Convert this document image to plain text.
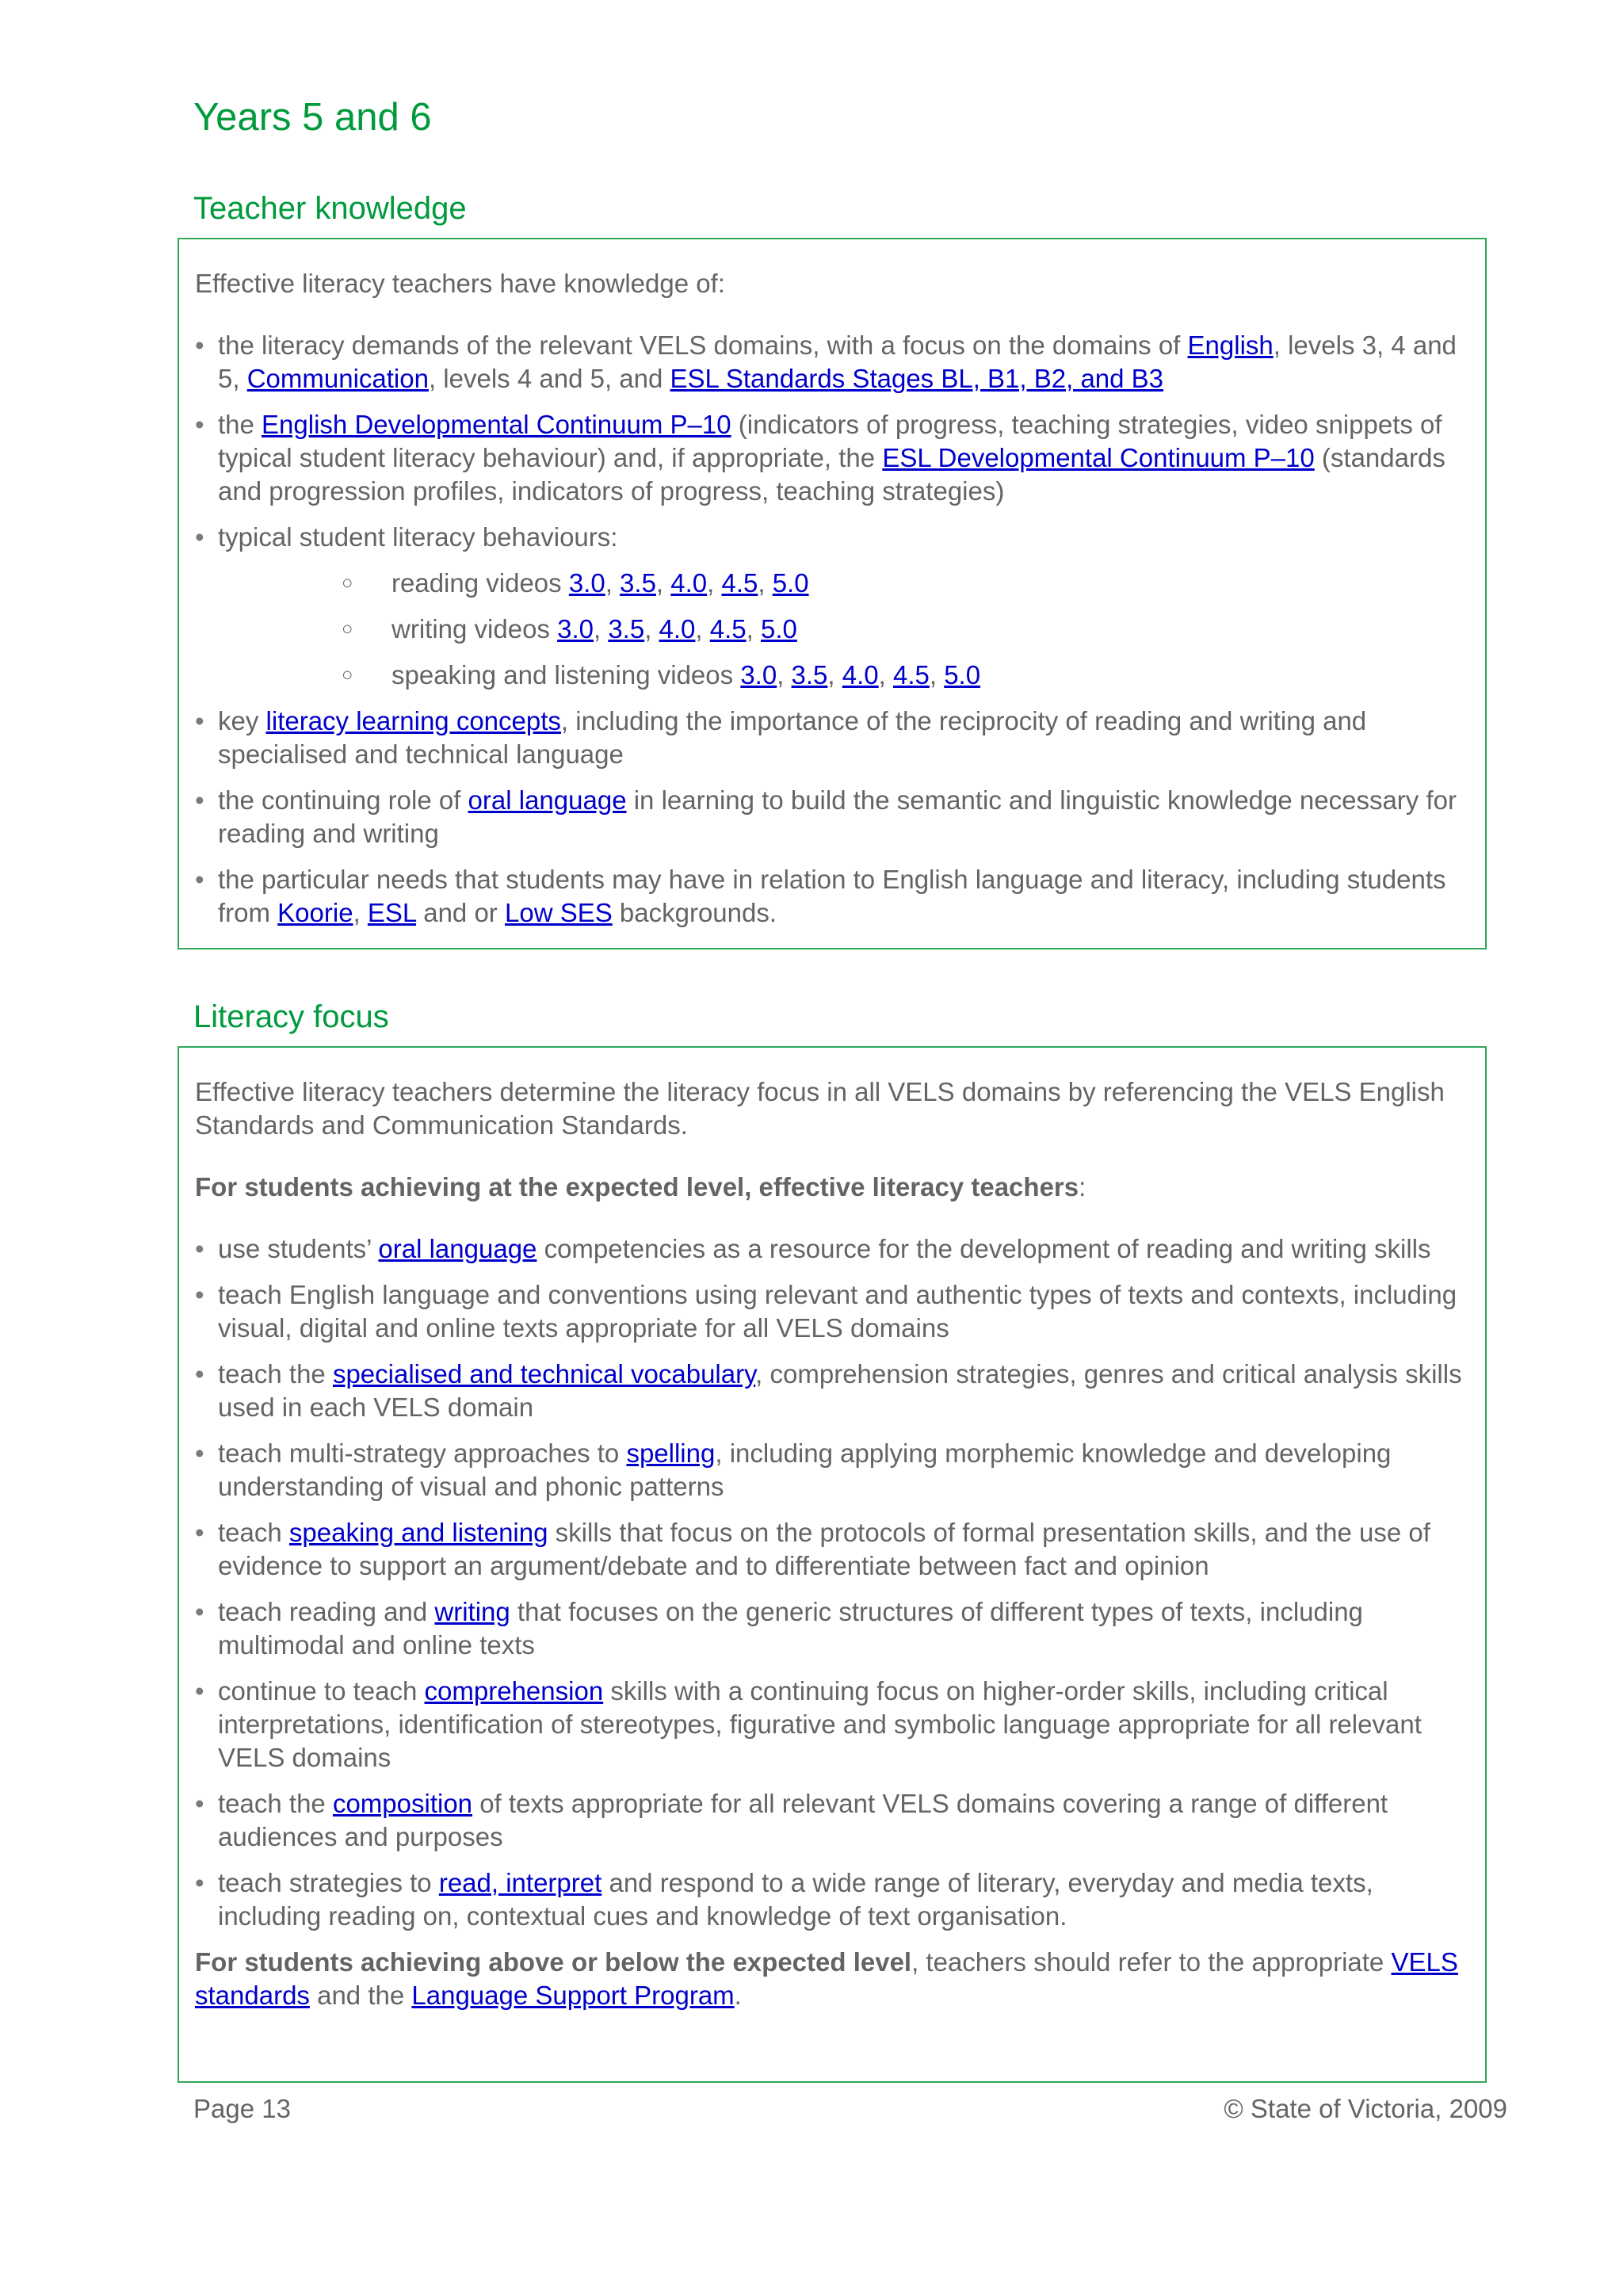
Years 5 and 6
Teacher knowledge

Effective literacy teachers have knowledge of:

• the literacy demands of the relevant VELS domains, with a focus on the domains of English, levels 3, 4 and 5, Communication, levels 4 and 5, and ESL Standards Stages BL, B1, B2, and B3
• the English Developmental Continuum P–10 (indicators of progress, teaching strategies, video snippets of typical student literacy behaviour) and, if appropriate, the ESL Developmental Continuum P–10 (standards and progression profiles, indicators of progress, teaching strategies)
• typical student literacy behaviours:
○ reading videos 3.0, 3.5, 4.0, 4.5, 5.0
○ writing videos 3.0, 3.5, 4.0, 4.5, 5.0
○ speaking and listening videos 3.0, 3.5, 4.0, 4.5, 5.0
• key literacy learning concepts, including the importance of the reciprocity of reading and writing and specialised and technical language
• the continuing role of oral language in learning to build the semantic and linguistic knowledge necessary for reading and writing
• the particular needs that students may have in relation to English language and literacy, including students from Koorie, ESL and or Low SES backgrounds.
Literacy focus

Effective literacy teachers determine the literacy focus in all VELS domains by referencing the VELS English Standards and Communication Standards.

For students achieving at the expected level, effective literacy teachers:

• use students’ oral language competencies as a resource for the development of reading and writing skills
• teach English language and conventions using relevant and authentic types of texts and contexts, including visual, digital and online texts appropriate for all VELS domains
• teach the specialised and technical vocabulary, comprehension strategies, genres and critical analysis skills used in each VELS domain
• teach multi-strategy approaches to spelling, including applying morphemic knowledge and developing understanding of visual and phonic patterns
• teach speaking and listening skills that focus on the protocols of formal presentation skills, and the use of evidence to support an argument/debate and to differentiate between fact and opinion
• teach reading and writing that focuses on the generic structures of different types of texts, including multimodal and online texts
• continue to teach comprehension skills with a continuing focus on higher-order skills, including critical interpretations, identification of stereotypes, figurative and symbolic language appropriate for all relevant VELS domains
• teach the composition of texts appropriate for all relevant VELS domains covering a range of different audiences and purposes
• teach strategies to read, interpret and respond to a wide range of literary, everyday and media texts, including reading on, contextual cues and knowledge of text organisation.

For students achieving above or below the expected level, teachers should refer to the appropriate VELS standards and the Language Support Program.

Page 13	© State of Victoria, 2009
